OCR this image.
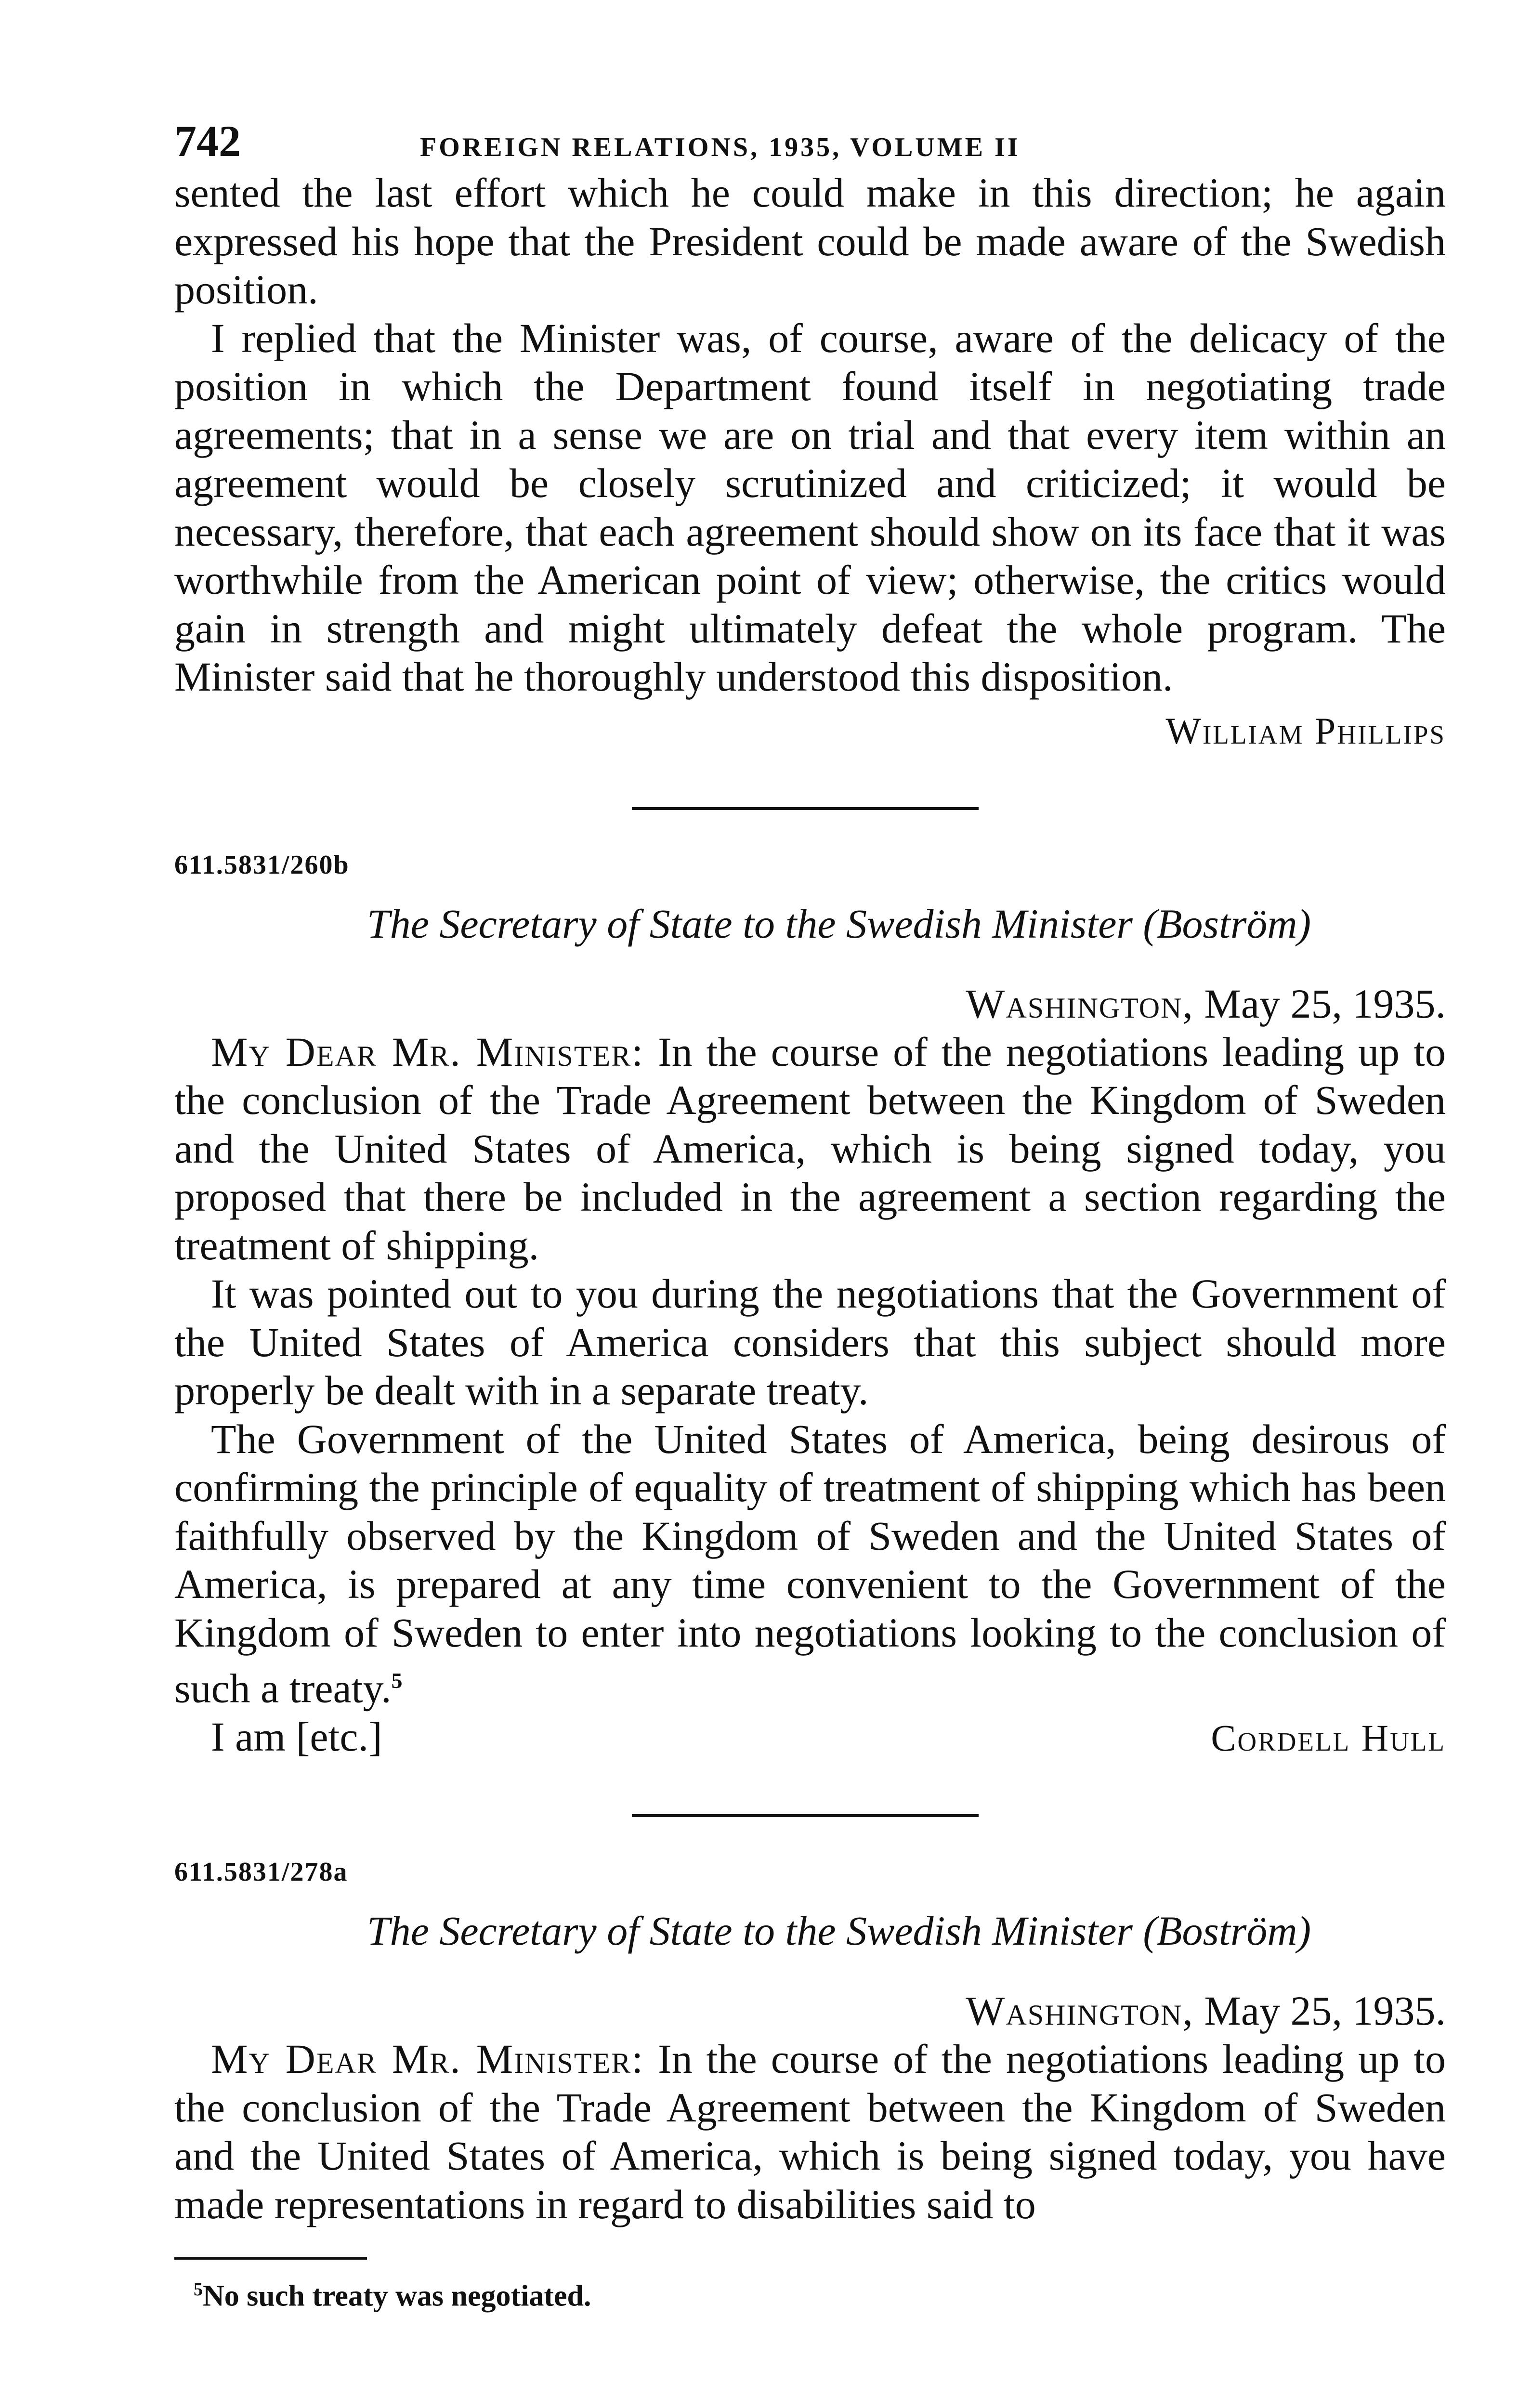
742	FOREIGN RELATIONS, 1935, VOLUME II

sented the last effort which he could make in this direction; he again expressed his hope that the President could be made aware of the Swedish position.

I replied that the Minister was, of course, aware of the delicacy of the position in which the Department found itself in negotiating trade agreements; that in a sense we are on trial and that every item within an agreement would be closely scrutinized and criticized; it would be necessary, therefore, that each agreement should show on its face that it was worthwhile from the American point of view; otherwise, the critics would gain in strength and might ultimately defeat the whole program. The Minister said that he thoroughly understood this disposition.

William Phillips

611.5831/260b

The Secretary of State to the Swedish Minister (Boström)

Washington, May 25, 1935.

My Dear Mr. Minister: In the course of the negotiations leading up to the conclusion of the Trade Agreement between the Kingdom of Sweden and the United States of America, which is being signed today, you proposed that there be included in the agreement a section regarding the treatment of shipping.

It was pointed out to you during the negotiations that the Government of the United States of America considers that this subject should more properly be dealt with in a separate treaty.

The Government of the United States of America, being desirous of confirming the principle of equality of treatment of shipping which has been faithfully observed by the Kingdom of Sweden and the United States of America, is prepared at any time convenient to the Government of the Kingdom of Sweden to enter into negotiations looking to the conclusion of such a treaty.$^5$

I am [etc.]	Cordell Hull

611.5831/278a

The Secretary of State to the Swedish Minister (Boström)

Washington, May 25, 1935.

My Dear Mr. Minister: In the course of the negotiations leading up to the conclusion of the Trade Agreement between the Kingdom of Sweden and the United States of America, which is being signed today, you have made representations in regard to disabilities said to

$^5$No such treaty was negotiated.
